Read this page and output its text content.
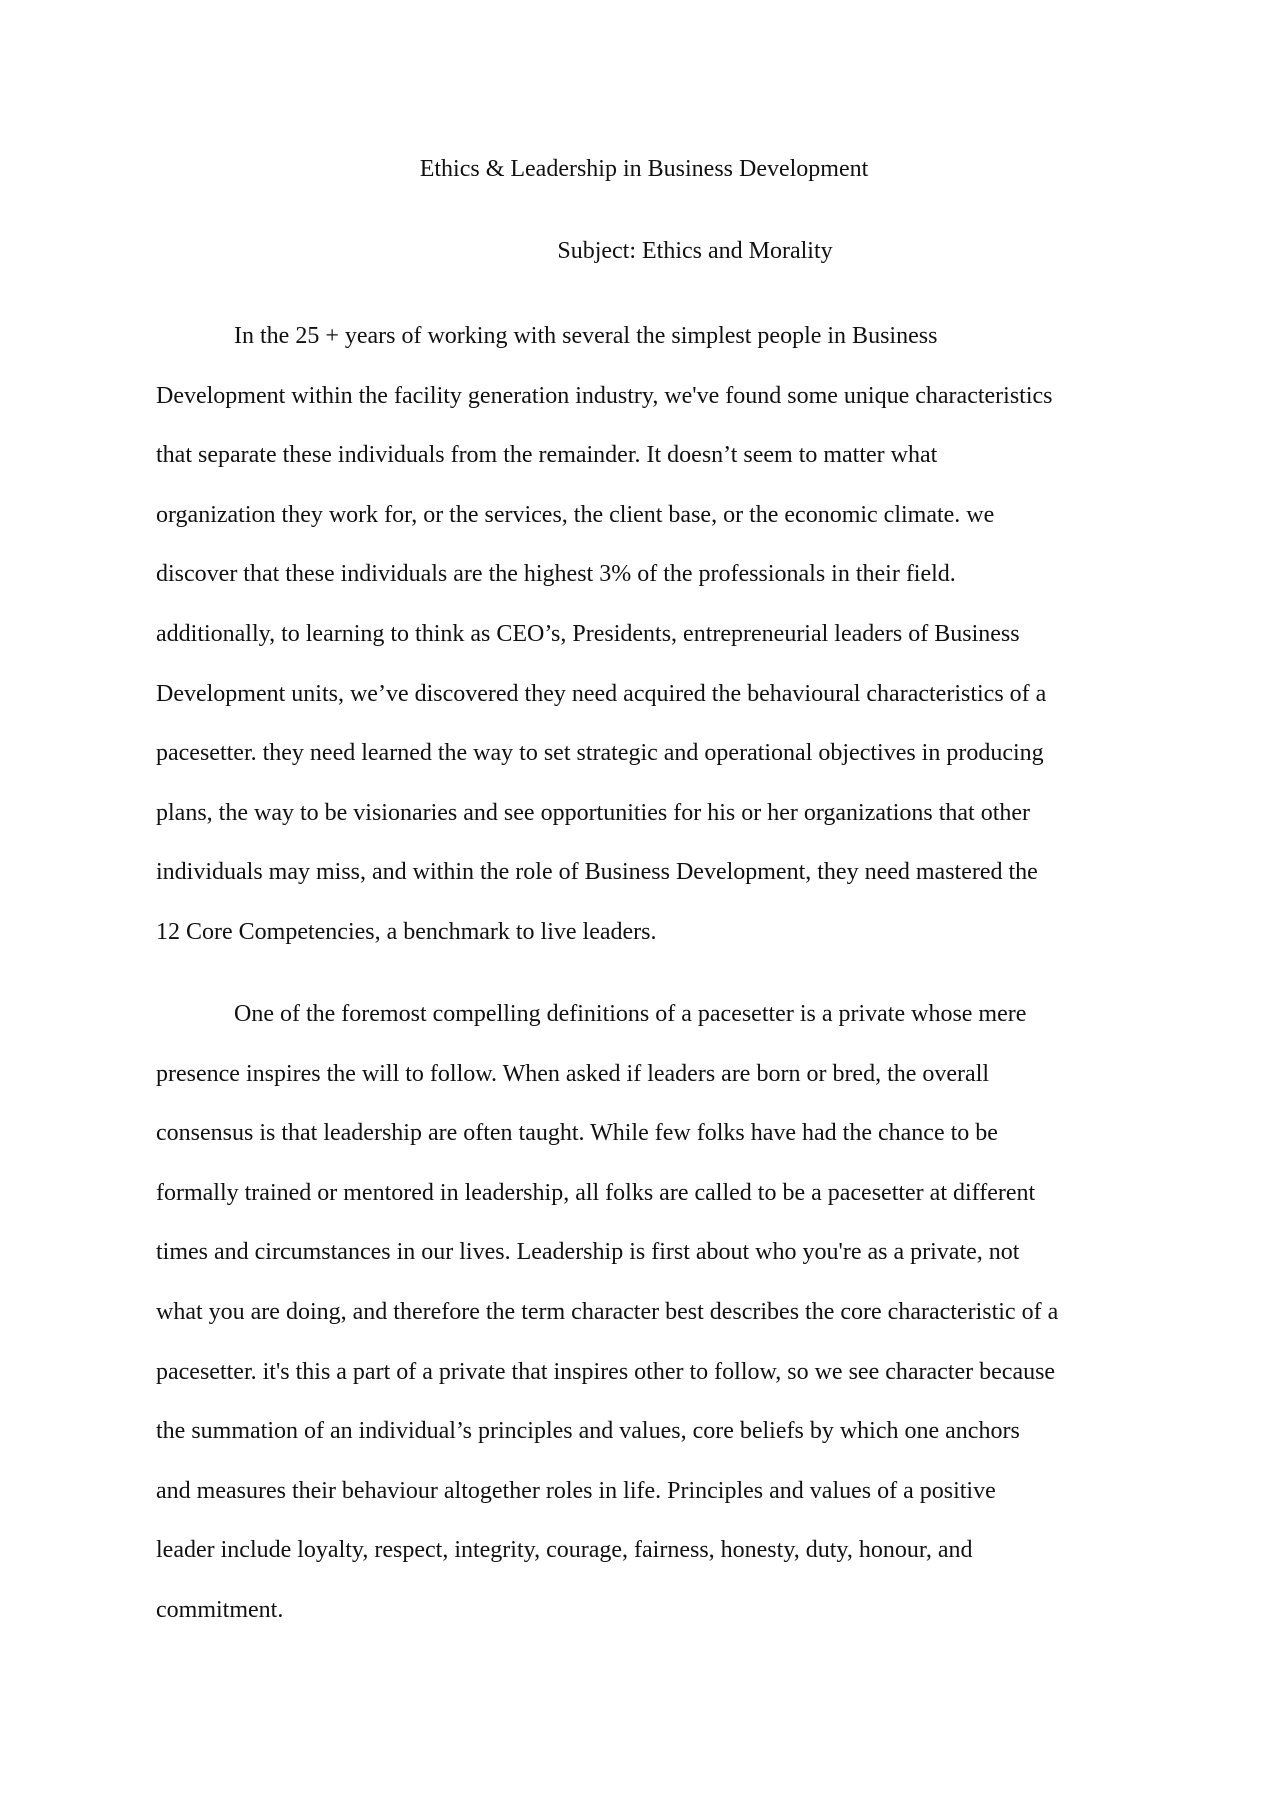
Ethics & Leadership in Business Development
Subject: Ethics and Morality
In the 25 + years of working with several the simplest people in Business
Development within the facility generation industry, we've found some unique characteristics
that separate these individuals from the remainder. It doesn’t seem to matter what
organization they work for, or the services, the client base, or the economic climate. we
discover that these individuals are the highest 3% of the professionals in their field.
additionally, to learning to think as CEO’s, Presidents, entrepreneurial leaders of Business
Development units, we’ve discovered they need acquired the behavioural characteristics of a
pacesetter. they need learned the way to set strategic and operational objectives in producing
plans, the way to be visionaries and see opportunities for his or her organizations that other
individuals may miss, and within the role of Business Development, they need mastered the
12 Core Competencies, a benchmark to live leaders.
One of the foremost compelling definitions of a pacesetter is a private whose mere
presence inspires the will to follow. When asked if leaders are born or bred, the overall
consensus is that leadership are often taught. While few folks have had the chance to be
formally trained or mentored in leadership, all folks are called to be a pacesetter at different
times and circumstances in our lives. Leadership is first about who you're as a private, not
what you are doing, and therefore the term character best describes the core characteristic of a
pacesetter. it's this a part of a private that inspires other to follow, so we see character because
the summation of an individual’s principles and values, core beliefs by which one anchors
and measures their behaviour altogether roles in life. Principles and values of a positive
leader include loyalty, respect, integrity, courage, fairness, honesty, duty, honour, and
commitment.
